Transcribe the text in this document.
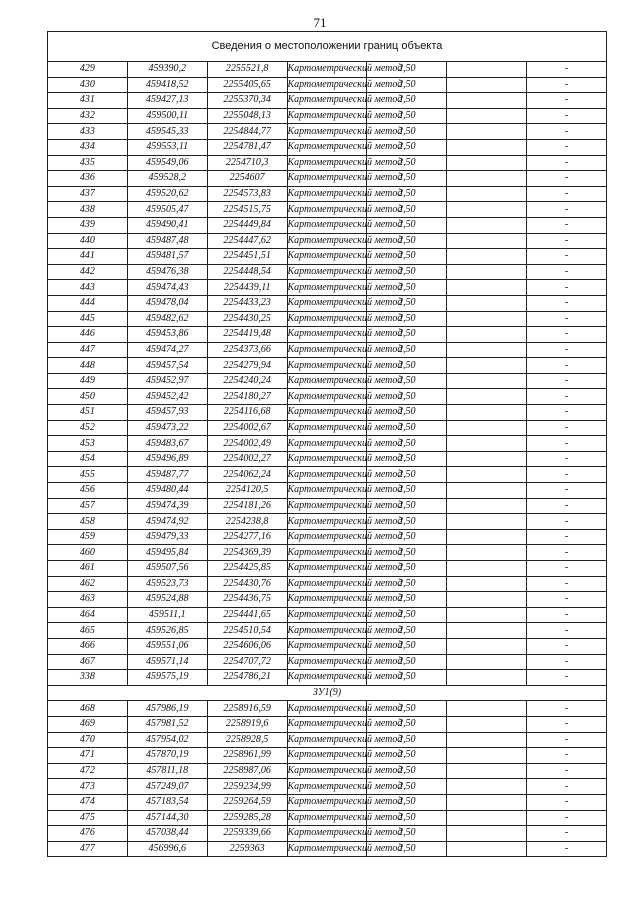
71
Сведения о местоположении границ объекта						
429	459390,2	2255521,8	Картометрический метод	2,50		-
430	459418,52	2255405,65	Картометрический метод	2,50		-
431	459427,13	2255370,34	Картометрический метод	2,50		-
432	459500,11	2255048,13	Картометрический метод	2,50		-
433	459545,33	2254844,77	Картометрический метод	2,50		-
434	459553,11	2254781,47	Картометрический метод	2,50		-
435	459549,06	2254710,3	Картометрический метод	2,50		-
436	459528,2	2254607	Картометрический метод	2,50		-
437	459520,62	2254573,83	Картометрический метод	2,50		-
438	459505,47	2254515,75	Картометрический метод	2,50		-
439	459490,41	2254449,84	Картометрический метод	2,50		-
440	459487,48	2254447,62	Картометрический метод	2,50		-
441	459481,57	2254451,51	Картометрический метод	2,50		-
442	459476,38	2254448,54	Картометрический метод	2,50		-
443	459474,43	2254439,11	Картометрический метод	2,50		-
444	459478,04	2254433,23	Картометрический метод	2,50		-
445	459482,62	2254430,25	Картометрический метод	2,50		-
446	459453,86	2254419,48	Картометрический метод	2,50		-
447	459474,27	2254373,66	Картометрический метод	2,50		-
448	459457,54	2254279,94	Картометрический метод	2,50		-
449	459452,97	2254240,24	Картометрический метод	2,50		-
450	459452,42	2254180,27	Картометрический метод	2,50		-
451	459457,93	2254116,68	Картометрический метод	2,50		-
452	459473,22	2254002,67	Картометрический метод	2,50		-
453	459483,67	2254002,49	Картометрический метод	2,50		-
454	459496,89	2254002,27	Картометрический метод	2,50		-
455	459487,77	2254062,24	Картометрический метод	2,50		-
456	459480,44	2254120,5	Картометрический метод	2,50		-
457	459474,39	2254181,26	Картометрический метод	2,50		-
458	459474,92	2254238,8	Картометрический метод	2,50		-
459	459479,33	2254277,16	Картометрический метод	2,50		-
460	459495,84	2254369,39	Картометрический метод	2,50		-
461	459507,56	2254425,85	Картометрический метод	2,50		-
462	459523,73	2254430,76	Картометрический метод	2,50		-
463	459524,88	2254436,75	Картометрический метод	2,50		-
464	459511,1	2254441,65	Картометрический метод	2,50		-
465	459526,85	2254510,54	Картометрический метод	2,50		-
466	459551,06	2254606,06	Картометрический метод	2,50		-
467	459571,14	2254707,72	Картометрический метод	2,50		-
338	459575,19	2254786,21	Картометрический метод	2,50		-
ЗУ1(9)						
468	457986,19	2258916,59	Картометрический метод	2,50		-
469	457981,52	2258919,6	Картометрический метод	2,50		-
470	457954,02	2258928,5	Картометрический метод	2,50		-
471	457870,19	2258961,99	Картометрический метод	2,50		-
472	457811,18	2258987,06	Картометрический метод	2,50		-
473	457249,07	2259234,99	Картометрический метод	2,50		-
474	457183,54	2259264,59	Картометрический метод	2,50		-
475	457144,30	2259285,28	Картометрический метод	2,50		-
476	457038,44	2259339,66	Картометрический метод	2,50		-
477	456996,6	2259363	Картометрический метод	2,50		-
